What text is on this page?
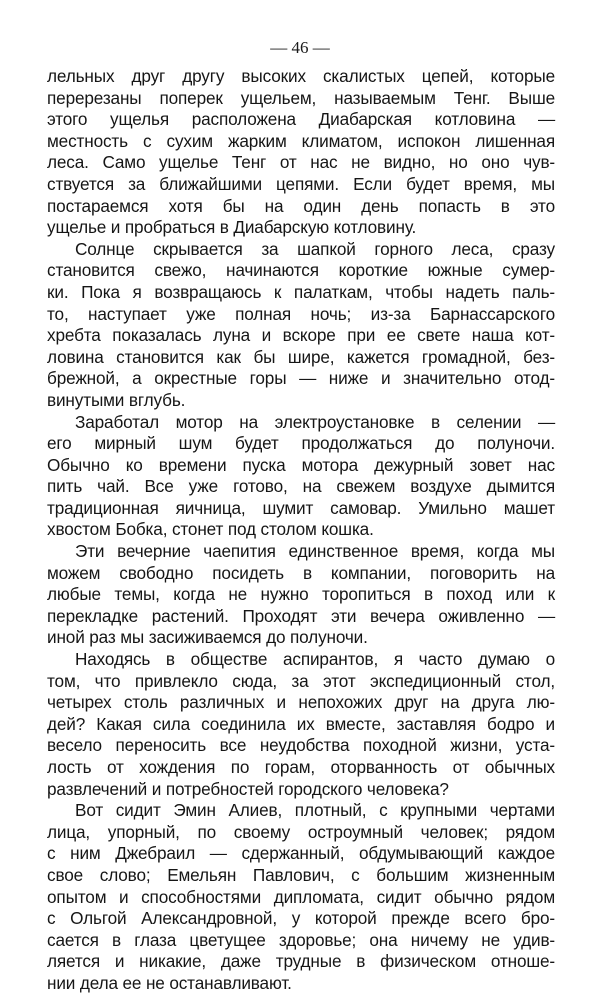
— 46 —
лельных друг другу высоких скалистых цепей, которые
перерезаны поперек ущельем, называемым Тенг. Выше
этого ущелья расположена Диабарская котловина —
местность с сухим жарким климатом, испокон лишенная
леса. Само ущелье Тенг от нас не видно, но оно чув-
ствуется за ближайшими цепями. Если будет время, мы
постараемся хотя бы на один день попасть в это
ущелье и пробраться в Диабарскую котловину.
Солнце скрывается за шапкой горного леса, сразу
становится свежо, начинаются короткие южные сумер-
ки. Пока я возвращаюсь к палаткам, чтобы надеть паль-
то, наступает уже полная ночь; из-за Барнассарского
хребта показалась луна и вскоре при ее свете наша кот-
ловина становится как бы шире, кажется громадной, без-
брежной, а окрестные горы — ниже и значительно отод-
винутыми вглубь.
Заработал мотор на электроустановке в селении —
его мирный шум будет продолжаться до полуночи.
Обычно ко времени пуска мотора дежурный зовет нас
пить чай. Все уже готово, на свежем воздухе дымится
традиционная яичница, шумит самовар. Умильно машет
хвостом Бобка, стонет под столом кошка.
Эти вечерние чаепития единственное время, когда мы
можем свободно посидеть в компании, поговорить на
любые темы, когда не нужно торопиться в поход или к
перекладке растений. Проходят эти вечера оживленно —
иной раз мы засиживаемся до полуночи.
Находясь в обществе аспирантов, я часто думаю о
том, что привлекло сюда, за этот экспедиционный стол,
четырех столь различных и непохожих друг на друга лю-
дей? Какая сила соединила их вместе, заставляя бодро и
весело переносить все неудобства походной жизни, уста-
лость от хождения по горам, оторванность от обычных
развлечений и потребностей городского человека?
Вот сидит Эмин Алиев, плотный, с крупными чертами
лица, упорный, по своему остроумный человек; рядом
с ним Джебраил — сдержанный, обдумывающий каждое
свое слово; Емельян Павлович, с большим жизненным
опытом и способностями дипломата, сидит обычно рядом
с Ольгой Александровной, у которой прежде всего бро-
сается в глаза цветущее здоровье; она ничему не удив-
ляется и никакие, даже трудные в физическом отноше-
нии дела ее не останавливают.
